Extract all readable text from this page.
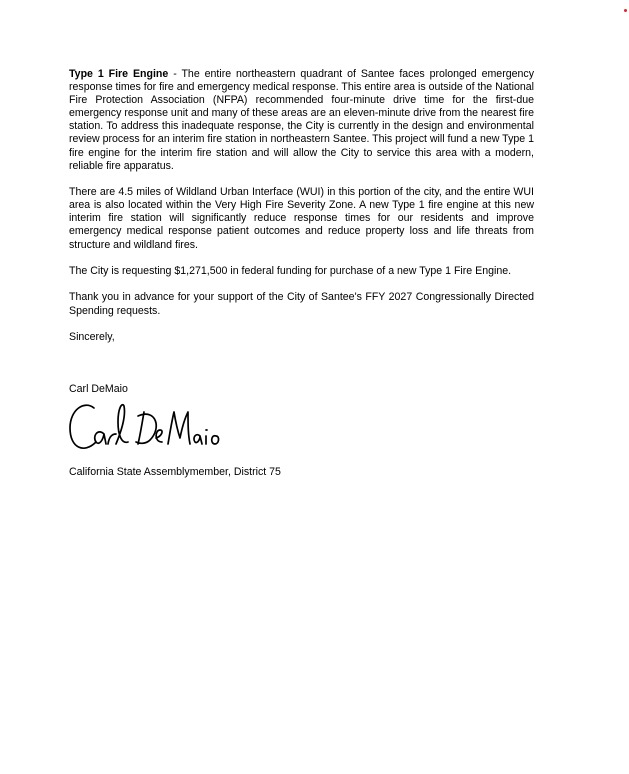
Type 1 Fire Engine - The entire northeastern quadrant of Santee faces prolonged emergency response times for fire and emergency medical response. This entire area is outside of the National Fire Protection Association (NFPA) recommended four-minute drive time for the first-due emergency response unit and many of these areas are an eleven-minute drive from the nearest fire station. To address this inadequate response, the City is currently in the design and environmental review process for an interim fire station in northeastern Santee. This project will fund a new Type 1 fire engine for the interim fire station and will allow the City to service this area with a modern, reliable fire apparatus.

There are 4.5 miles of Wildland Urban Interface (WUI) in this portion of the city, and the entire WUI area is also located within the Very High Fire Severity Zone. A new Type 1 fire engine at this new interim fire station will significantly reduce response times for our residents and improve emergency medical response patient outcomes and reduce property loss and life threats from structure and wildland fires.

The City is requesting $1,271,500 in federal funding for purchase of a new Type 1 Fire Engine.

Thank you in advance for your support of the City of Santee's FFY 2027 Congressionally Directed Spending requests.

Sincerely,

Carl DeMaio

California State Assemblymember, District 75
